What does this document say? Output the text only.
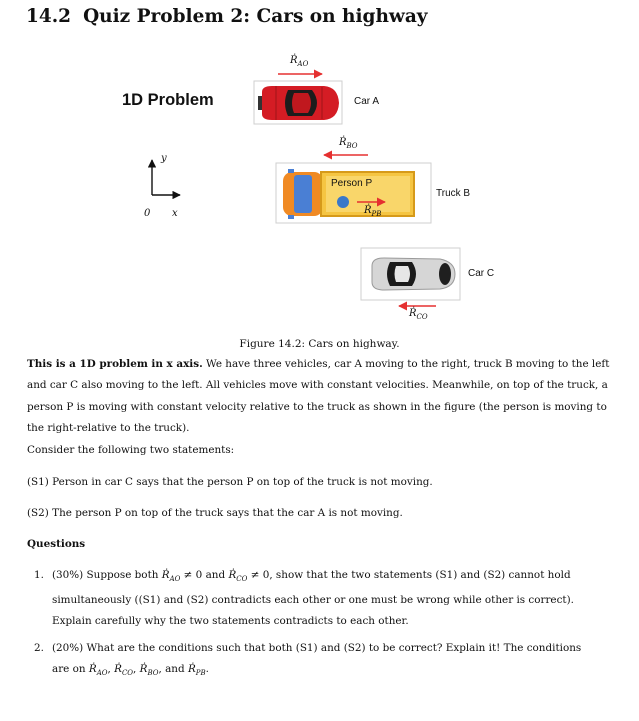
14.2 Quiz Problem 2: Cars on highway
1D Problem
Ṙ$_{AO}$
Car A
Ṙ$_{BO}$
Person P
Ṙ$_{PB}$
Truck B
Car C
Ṙ$_{CO}$
y
0 x
Figure 14.2: Cars on highway.
This is a 1D problem in x axis. We have three vehicles, car A moving to the right, truck B moving to the left and car C also moving to the left. All vehicles move with constant velocities. Meanwhile, on top of the truck, a person P is moving with constant velocity relative to the truck as shown in the figure (the person is moving to the right-relative to the truck).
Consider the following two statements:
(S1) Person in car C says that the person P on top of the truck is not moving.
(S2) The person P on top of the truck says that the car A is not moving.
Questions
1. (30%) Suppose both Ṙ$_{AO}$ ≠ 0 and Ṙ$_{CO}$ ≠ 0, show that the two statements (S1) and (S2) cannot hold simultaneously ((S1) and (S2) contradicts each other or one must be wrong while other is correct). Explain carefully why the two statements contradicts to each other.
2. (20%) What are the conditions such that both (S1) and (S2) to be correct? Explain it! The conditions are on Ṙ$_{AO}$, Ṙ$_{CO}$, Ṙ$_{BO}$, and Ṙ$_{PB}$.
